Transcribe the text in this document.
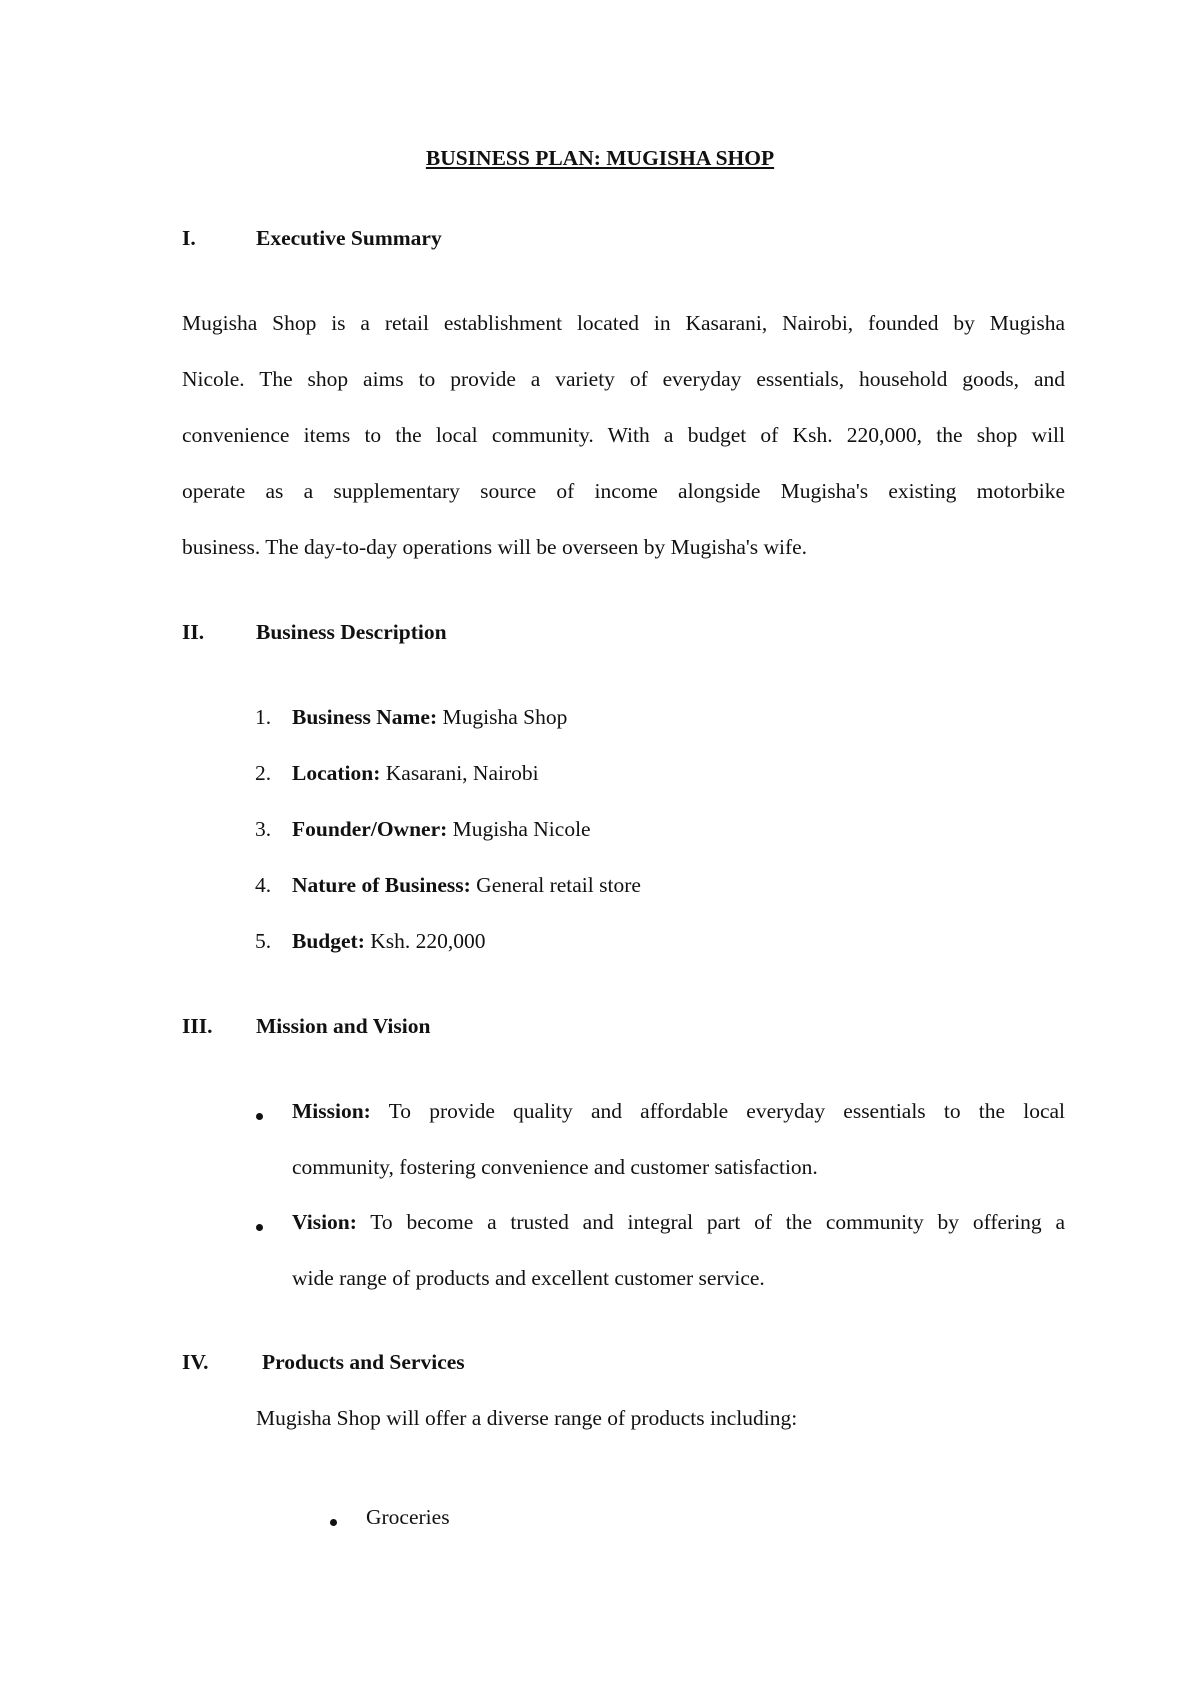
BUSINESS PLAN: MUGISHA SHOP

I.	Executive Summary

Mugisha Shop is a retail establishment located in Kasarani, Nairobi, founded by Mugisha

Nicole. The shop aims to provide a variety of everyday essentials, household goods, and

convenience items to the local community. With a budget of Ksh. 220,000, the shop will

operate as a supplementary source of income alongside Mugisha's existing motorbike

business. The day-to-day operations will be overseen by Mugisha's wife.

II. Business Description

1. Business Name: Mugisha Shop

2. Location: Kasarani, Nairobi

3. Founder/Owner: Mugisha Nicole

4. Nature of Business: General retail store

5. Budget: Ksh. 220,000

III. Mission and Vision

Mission: To provide quality and affordable everyday essentials to the local

community, fostering convenience and customer satisfaction.

Vision: To become a trusted and integral part of the community by offering a

wide range of products and excellent customer service.

IV. Products and Services

Mugisha Shop will offer a diverse range of products including:

Groceries
